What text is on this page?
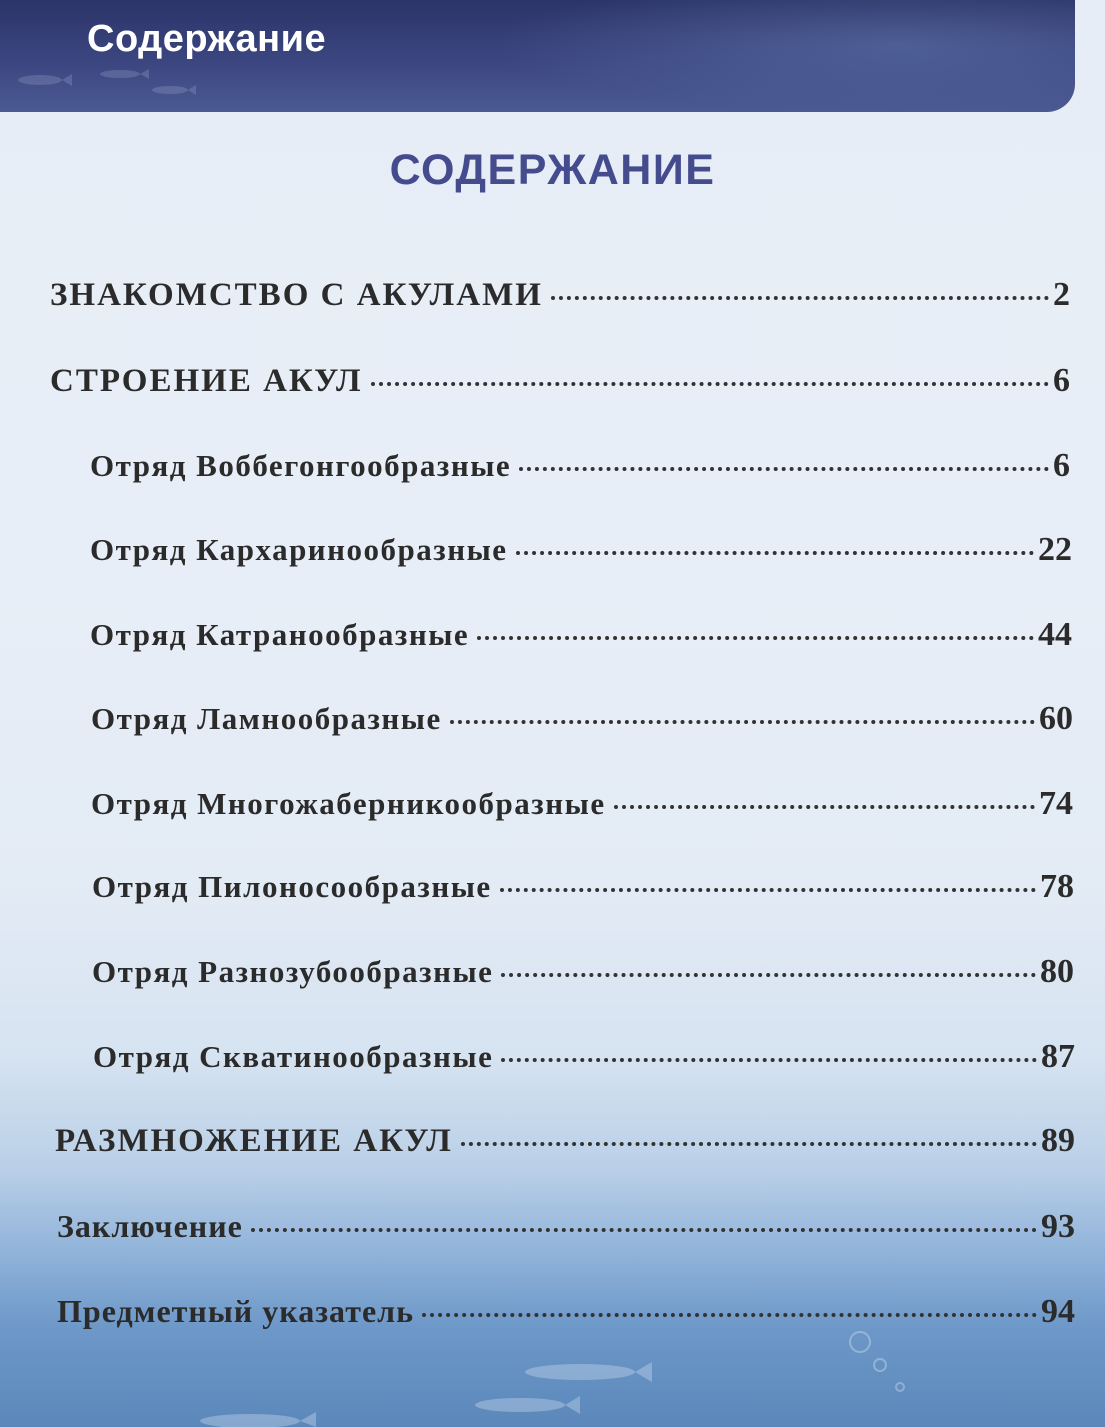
Содержание
СОДЕРЖАНИЕ
ЗНАКОМСТВО С АКУЛАМИ	2
СТРОЕНИЕ АКУЛ	6
Отряд Воббегонгообразные	6
Отряд Кархаринообразные	22
Отряд Катранообразные	44
Отряд Ламнообразные	60
Отряд Многожаберникообразные	74
Отряд Пилоносообразные	78
Отряд Разнозубообразные	80
Отряд Скватинообразные	87
РАЗМНОЖЕНИЕ АКУЛ	89
Заключение	93
Предметный указатель	94
